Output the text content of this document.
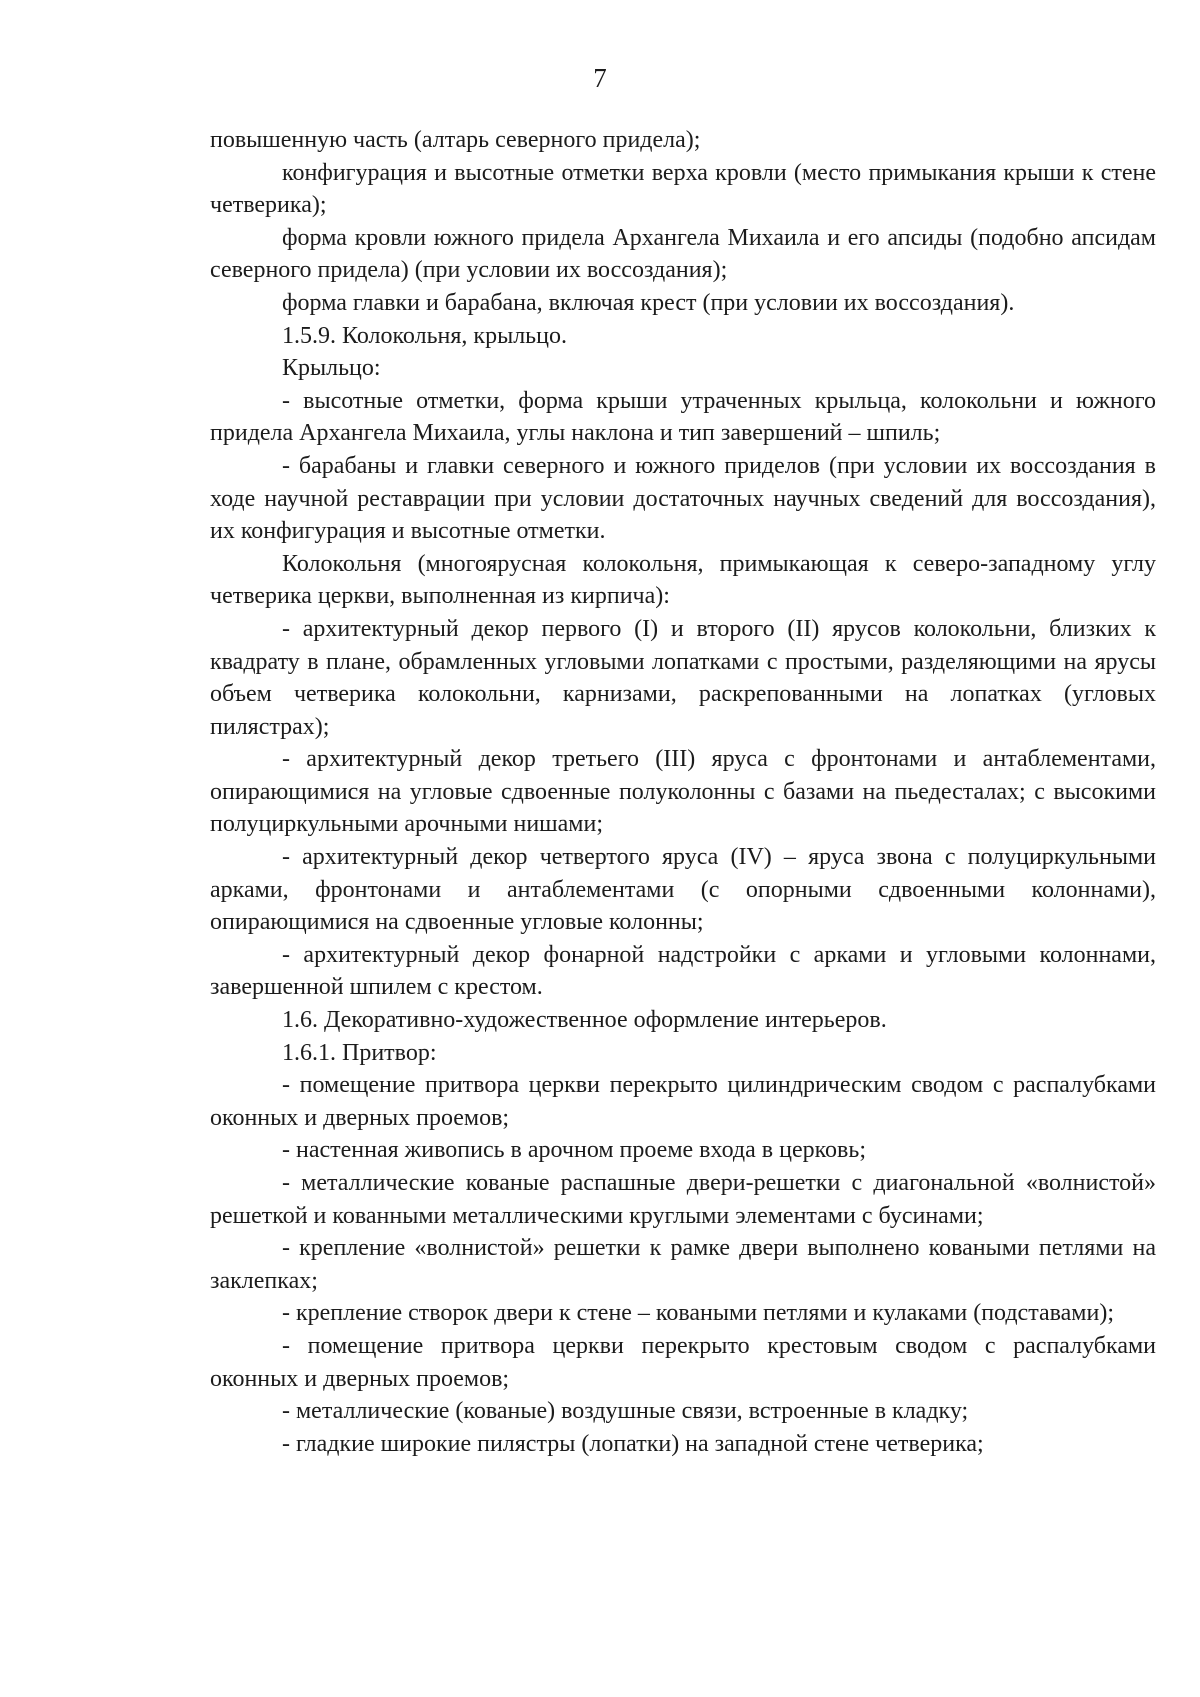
7

повышенную часть (алтарь северного придела);

конфигурация и высотные отметки верха кровли (место примыкания крыши к стене четверика);

форма кровли южного придела Архангела Михаила и его апсиды (подобно апсидам северного придела) (при условии их воссоздания);

форма главки и барабана, включая крест (при условии их воссоздания).

1.5.9. Колокольня, крыльцо.

Крыльцо:

- высотные отметки, форма крыши утраченных крыльца, колокольни и южного придела Архангела Михаила, углы наклона и тип завершений – шпиль;

- барабаны и главки северного и южного приделов (при условии их воссоздания в ходе научной реставрации при условии достаточных научных сведений для воссоздания), их конфигурация и высотные отметки.

Колокольня (многоярусная колокольня, примыкающая к северо-западному углу четверика церкви, выполненная из кирпича):

- архитектурный декор первого (I) и второго (II) ярусов колокольни, близких к квадрату в плане, обрамленных угловыми лопатками с простыми, разделяющими на ярусы объем четверика колокольни, карнизами, раскрепованными на лопатках (угловых пилястрах);

- архитектурный декор третьего (III) яруса с фронтонами и антаблементами, опирающимися на угловые сдвоенные полуколонны с базами на пьедесталах; с высокими полуциркульными арочными нишами;

- архитектурный декор четвертого яруса (IV) – яруса звона с полуциркульными арками, фронтонами и антаблементами (с опорными сдвоенными колоннами), опирающимися на сдвоенные угловые колонны;

- архитектурный декор фонарной надстройки с арками и угловыми колоннами, завершенной шпилем с крестом.

1.6. Декоративно-художественное оформление интерьеров.

1.6.1. Притвор:

- помещение притвора церкви перекрыто цилиндрическим сводом с распалубками оконных и дверных проемов;

- настенная живопись в арочном проеме входа в церковь;

- металлические кованые распашные двери-решетки с диагональной «волнистой» решеткой и кованными металлическими круглыми элементами с бусинами;

- крепление «волнистой» решетки к рамке двери выполнено коваными петлями на заклепках;

- крепление створок двери к стене – коваными петлями и кулаками (подставами);

- помещение притвора церкви перекрыто крестовым сводом с распалубками оконных и дверных проемов;

- металлические (кованые) воздушные связи, встроенные в кладку;

- гладкие широкие пилястры (лопатки) на западной стене четверика;
